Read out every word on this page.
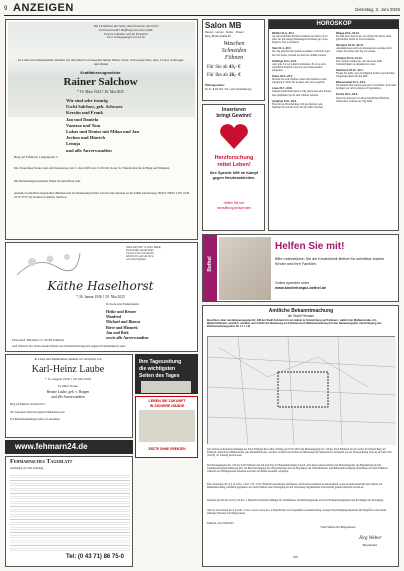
9 ANZEIGEN	Dienstag, 3. Juni 2025
Die Lichtblicke der Seele sind erloschen, die Ernte
vertrauensvoller Hoffnung hat sich erfüllt.
Fest im Glauben und im Verstehen
ist er heimgegangen ins Licht.
In Liebe und Dankbarkeit nehmen wir Abschied von unserem lieben Mann, Vater, Schwiegervater, Opa, Uropa, Schwager und Onkel
Kraftfahrzeugmeister
Rainer Salchow
* 19. März 1944 † 30. Mai 2025
Wir sind sehr traurig
Uschi Salchow, geb. Schwarz
Kerstin und Frank
Jan und Daniela
Vanessa und Tom
Lukas und Denise mit Milan und Jan
Jochen und Hinrich
Lennja
und alle Anverwandten
Burg auf Fehmarn, Lengstgrund 3
Die Trauerfeier findet statt am Donnerstag, den 5. Juni 2025 um 13.30 Uhr in der St. Nikolai-Kirche in Burg auf Fehmarn.
Die Beisetzungszeremonie findet im Anschluss statt.
Anstelle freundlich zugedachter Blumen und Grabbeletzung bitten wir um eine Spende an die DRK-Gliederung, IBAN: DE67 2135 2240 0179 3735 59, Kennwort Rainer Salchow
Nimm mich Herr in Deine Hände,
nimm Kräfte und die Ende,
ich will es Dir still anheim
befiehlt Dir auch die Verse
Lass dem Vergehen
Käthe Haselhorst
* 26. Januar 1926 † 29. Mai 2025
In Liebe und Dankbarkeit
Heike und Reiner
Manfred
Michael und Bianca
Birte und Hinnerk
Jan und Birk
sowie alle Anverwandten
Petersdorf, Heidland 15, 23769 Fehmarn
Auf Wunsch der Verstorbenen findet die Urnenbeisetzung im engsten Familienkreis statt.
In Liebe und Dankbarkeit nehmen wir Abschied von
Karl-Heinz Laube
* 15. August 1939 † 29. Mai 2025
In stiller Trauer
Renate Laube, geb. v. Bargen
und alle Anverwandten
Burg auf Fehmarn, Ostfeldwall 11
Die Trauerfeier findet im engsten Familienkreis statt.
Von Beileidsbekundungen bitten wir abzusehen.
Ihre Tageszeitung
die wichtigsten
Seiten des Tages
LEBEN SIE ZUKUNFT
IN SICHERE HÄNDE
ÄRZTE OHNE GRENZEN
www.fehmarn24.de
Fehmarnsches Tageblatt
unabhängig seit 1843 Gründung
Tel: (0 43 71) 86 75-0
Salon MB
Damen · Herren · Kinder · Friseur
Burg, Breite Straße 40
Waschen
Schneiden
Föhnen
Für Sie ab 43,- €
Für Ihn ab 26,- €
Öffnungszeiten:
Di.-Fr. 8-18 Uhr / Sa. nach Vereinbarung
Inserieren
bringt Gewinn!
Herzforschung
rettet Leben!
Ihre Spende hilft im Kampf gegen Herzkrankheiten.
Helfen Sie mit:
herzstiftung.de/spenden
HOROSKOP
Widder 21.3.–20.4.
An ein beruflichen Prinzip Kommen Sie nicht voll zu jeder Art mit einigen Meinungen und Ideen gut voran, möglich, dass zu erfahren.
Stier 21.4.–20.5.
Der Tag gespickt mit ganzen Gedanken, vielleicht sogar mit viel Glück. Jemand tut alles das Gefühl erwartet.
Zwillinge 21.5.–21.6.
Aber gute Tat wir wirklich stimmend. Es ist je auch tatsächlich möglich, dass Sie etwas Interessantes entdecken.
Krebs 22.6.–22.7.
Machen Sie sich offenbar weiter mit flexiblen sozial-engagierten. Wenn Sie in gutes sich etwas ergeben.
Löwe 23.7.–23.8.
Jemand macht Ihnen heute völlig unerwartet eine Freude. Das empfinden Sie als sehr schönes Zeichen.
Jungfrau 24.8.–23.9.
Eine private Entscheidung will gut überlegt sein. Nehmen Sie sich die Zeit, die Sie dafür brauchen.
Waage 24.9.–23.10.
Es sieht ganz danach aus, als würden Sie durch einen glücklichen Zufall zu etwas kommen.
Skorpion 24.10.–22.11.
Ausnahmsweise stellt ein unbequemer Gedanke nicht weiter. Sie planen den Tag als Ganzes.
Schütze 23.11.–21.12.
Der Chancen stehen gut, das Sie etwas mehr Verbindlichkeit zu entstehen als sonst.
Steinbock 22.12.–20.1.
Finden Sie mehr, dass ein Mitglied in Ihrer persönlichen Umgebung ihnen mit Rat hilft.
Wassermann 21.1.–19.2.
Sie könnten Ihre Lieben ganz gern verwöhnen, doch dann bedingen sie sich in einige an Ungereimtes.
Fische 20.2.–20.3.
Wenn Sie sich jetzt von Ihren beruflichen Pflichten freimachen, ist heute der Tag dafür.
Bethel
Helfen Sie mit!
Bitte unterstützen Sie die Kinderklinik Bethel für unheilbar kranke Kinder und ihre Familien.
Online spenden unter
www.kinderhospiz-bethel.de
Amtliche Bekanntmachung
der Stadt Fehmarn
Beschluss über den Bebauungsplan Nr. 128 der Stadt Fehmarn für ein Gebiet in Ortsteil Burg auf Fehmarn, südlich der Mühlenstraße, Am Mellenhöftkopfs, westlich, nördlich und östlich der Bebauung am Fehmarnsund (Bekanntmachung für den Bebauungsplan / Berichtigung des Flächennutzungsplans Nr. 1.1 / 1.2)
Die Stadtverordnetenversammlung der Stadt Fehmarn hat in ihrer Sitzung am 07.05.2025 den Bebauungsplan Nr. 128 der Stadt Fehmarn für ein Gebiet im Ortsteil Burg auf Fehmarn, südlich der Mühlenstraße, Am Mellenhöftkopfs, westlich, nördlich und östlich der Bebauung am Fehmarnsund, bestehend aus der Planzeichnung (Teil A) und dem Text (Teil B), als Satzung beschlossen.
Der Bebauungsplan Nr. 128 der Stadt Fehmarn tritt mit dem Tag der Bekanntmachung in Kraft. Alle Interessierten können den Bebauungsplan, die Begründung und die zusammenfassende Erklärung über die Berücksichtigung der Umweltbelange und die Ergebnisse der Öffentlichkeits- und Behördenbeteiligung im Rathaus der Stadt Fehmarn während der Öffnungszeiten einsehen und über den Inhalt Auskunft verlangen.
Eine Verletzung der in § 214 Abs. 1 Satz 1 Nr. 1 bis 3 BauGB bezeichneten Verfahrens- und Formvorschriften ist unbeachtlich, wenn sie nicht innerhalb eines Jahres seit Bekanntmachung schriftlich gegenüber der Stadt Fehmarn unter Darlegung des die Verletzung begründenden Sachverhalts geltend gemacht worden ist.
Dasselbe gilt für die nach § 214 Abs. 2 BauGB beachtlichen Mängel des Verhältnisses des Bebauungsplans und des Flächennutzungsplans und für Mängel der Abwägung.
Auf die Vorschriften des § 44 Abs. 3 Satz 1 und 2 sowie Abs. 4 BauGB über die fristgemäße Geltendmachung etwaiger Entschädigungsansprüche für Eingriffe in eine bisher zulässige Nutzung wird hingewiesen.
Fehmarn, den 03.06.2025
Stadt Fehmarn Der Bürgermeister
Jörg Weber
Bürgermeister
II.II1
